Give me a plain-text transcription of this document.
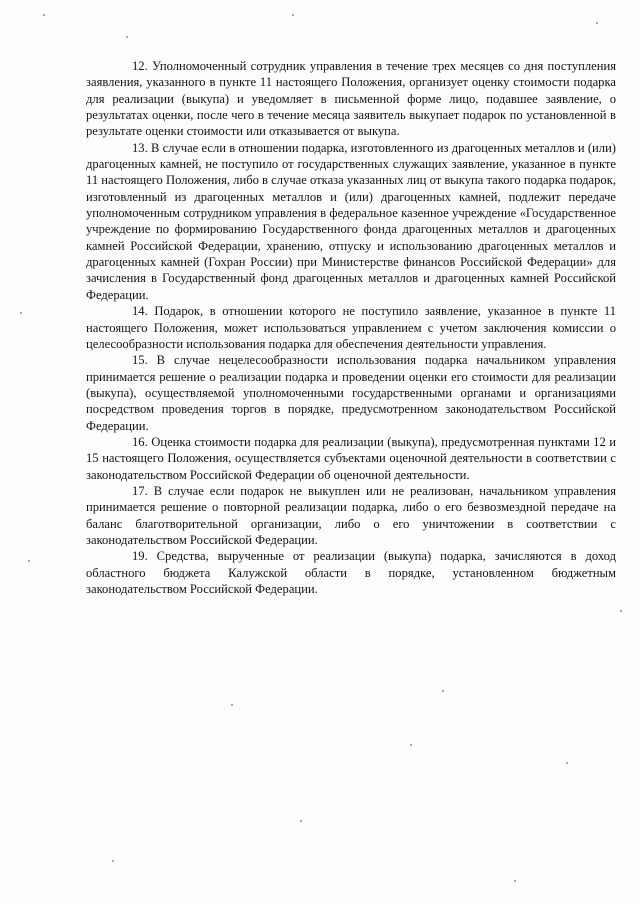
12. Уполномоченный сотрудник управления в течение трех месяцев со дня поступления заявления, указанного в пункте 11 настоящего Положения, организует оценку стоимости подарка для реализации (выкупа) и уведомляет в письменной форме лицо, подавшее заявление, о результатах оценки, после чего в течение месяца заявитель выкупает подарок по установленной в результате оценки стоимости или отказывается от выкупа.

13. В случае если в отношении подарка, изготовленного из драгоценных металлов и (или) драгоценных камней, не поступило от государственных служащих заявление, указанное в пункте 11 настоящего Положения, либо в случае отказа указанных лиц от выкупа такого подарка подарок, изготовленный из драгоценных металлов и (или) драгоценных камней, подлежит передаче уполномоченным сотрудником управления в федеральное казенное учреждение «Государственное учреждение по формированию Государственного фонда драгоценных металлов и драгоценных камней Российской Федерации, хранению, отпуску и использованию драгоценных металлов и драгоценных камней (Гохран России) при Министерстве финансов Российской Федерации» для зачисления в Государственный фонд драгоценных металлов и драгоценных камней Российской Федерации.

14. Подарок, в отношении которого не поступило заявление, указанное в пункте 11 настоящего Положения, может использоваться управлением с учетом заключения комиссии о целесообразности использования подарка для обеспечения деятельности управления.

15. В случае нецелесообразности использования подарка начальником управления принимается решение о реализации подарка и проведении оценки его стоимости для реализации (выкупа), осуществляемой уполномоченными государственными органами и организациями посредством проведения торгов в порядке, предусмотренном законодательством Российской Федерации.

16. Оценка стоимости подарка для реализации (выкупа), предусмотренная пунктами 12 и 15 настоящего Положения, осуществляется субъектами оценочной деятельности в соответствии с законодательством Российской Федерации об оценочной деятельности.

17. В случае если подарок не выкуплен или не реализован, начальником управления принимается решение о повторной реализации подарка, либо о его безвозмездной передаче на баланс благотворительной организации, либо о его уничтожении в соответствии с законодательством Российской Федерации.

19. Средства, вырученные от реализации (выкупа) подарка, зачисляются в доход областного бюджета Калужской области в порядке, установленном бюджетным законодательством Российской Федерации.
